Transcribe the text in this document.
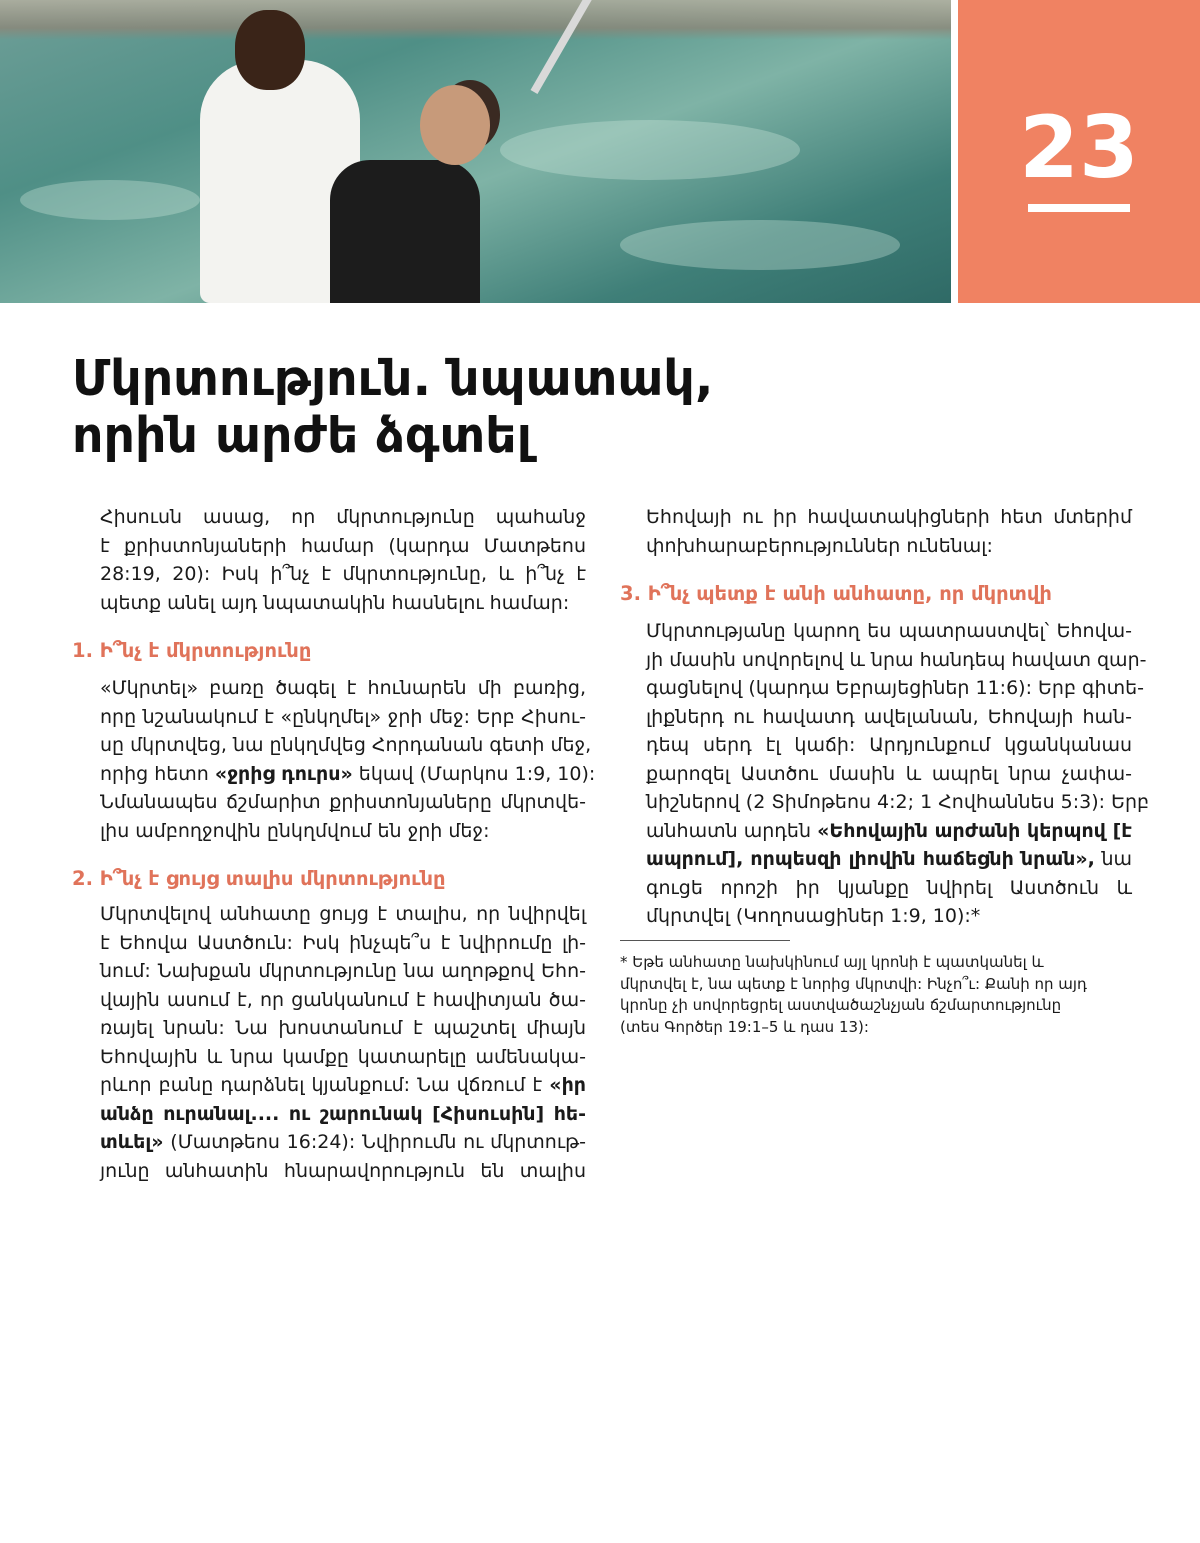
23
Մկրտություն. նպատակ,
որին արժե ձգտել
Հիսուսն ասաց, որ մկրտությունը պահանջ
է քրիստոնյաների համար (կարդա Մատթեոս
28:19, 20): Իսկ ի՞նչ է մկրտությունը, և ի՞նչ է
պետք անել այդ նպատակին հասնելու համար:
1. Ի՞նչ է մկրտությունը
«Մկրտել» բառը ծագել է հունարեն մի բառից,
որը նշանակում է «ընկղմել» ջրի մեջ: Երբ Հիսու-
սը մկրտվեց, նա ընկղմվեց Հորդանան գետի մեջ,
որից հետո «ջրից դուրս» եկավ (Մարկոս 1:9, 10):
Նմանապես ճշմարիտ քրիստոնյաները մկրտվե-
լիս ամբողջովին ընկղմվում են ջրի մեջ:
2. Ի՞նչ է ցույց տալիս մկրտությունը
Մկրտվելով անհատը ցույց է տալիս, որ նվիրվել
է Եհովա Աստծուն: Իսկ ինչպե՞ս է նվիրումը լի-
նում: Նախքան մկրտությունը նա աղոթքով Եհո-
վային ասում է, որ ցանկանում է հավիտյան ծա-
ռայել նրան: Նա խոստանում է պաշտել միայն
Եհովային և նրա կամքը կատարելը ամենակա-
րևոր բանը դարձնել կյանքում: Նա վճռում է «իր
անձը ուրանալ.... ու շարունակ [Հիսուսին] հե-
տևել» (Մատթեոս 16:24): Նվիրումն ու մկրտութ-
յունը անհատին հնարավորություն են տալիս
Եհովայի ու իր հավատակիցների հետ մտերիմ
փոխհարաբերություններ ունենալ:
3. Ի՞նչ պետք է անի անհատը, որ մկրտվի
Մկրտությանը կարող ես պատրաստվել՝ Եհովա-
յի մասին սովորելով և նրա հանդեպ հավատ զար-
գացնելով (կարդա Եբրայեցիներ 11:6): Երբ գիտե-
լիքներդ ու հավատդ ավելանան, Եհովայի հան-
դեպ սերդ էլ կաճի: Արդյունքում կցանկանաս
քարոզել Աստծու մասին և ապրել նրա չափա-
նիշներով (2 Տիմոթեոս 4:2; 1 Հովհաննես 5:3): Երբ
անհատն արդեն «Եհովային արժանի կերպով [է
ապրում], որպեսզի լիովին հաճեցնի նրան», նա
գուցե որոշի իր կյանքը նվիրել Աստծուն և
մկրտվել (Կողոսացիներ 1:9, 10):*
* Եթե անհատը նախկինում այլ կրոնի է պատկանել և
մկրտվել է, նա պետք է նորից մկրտվի: Ինչո՞ւ: Քանի որ այդ
կրոնը չի սովորեցրել աստվածաշնչյան ճշմարտությունը
(տես Գործեր 19:1–5 և դաս 13):
